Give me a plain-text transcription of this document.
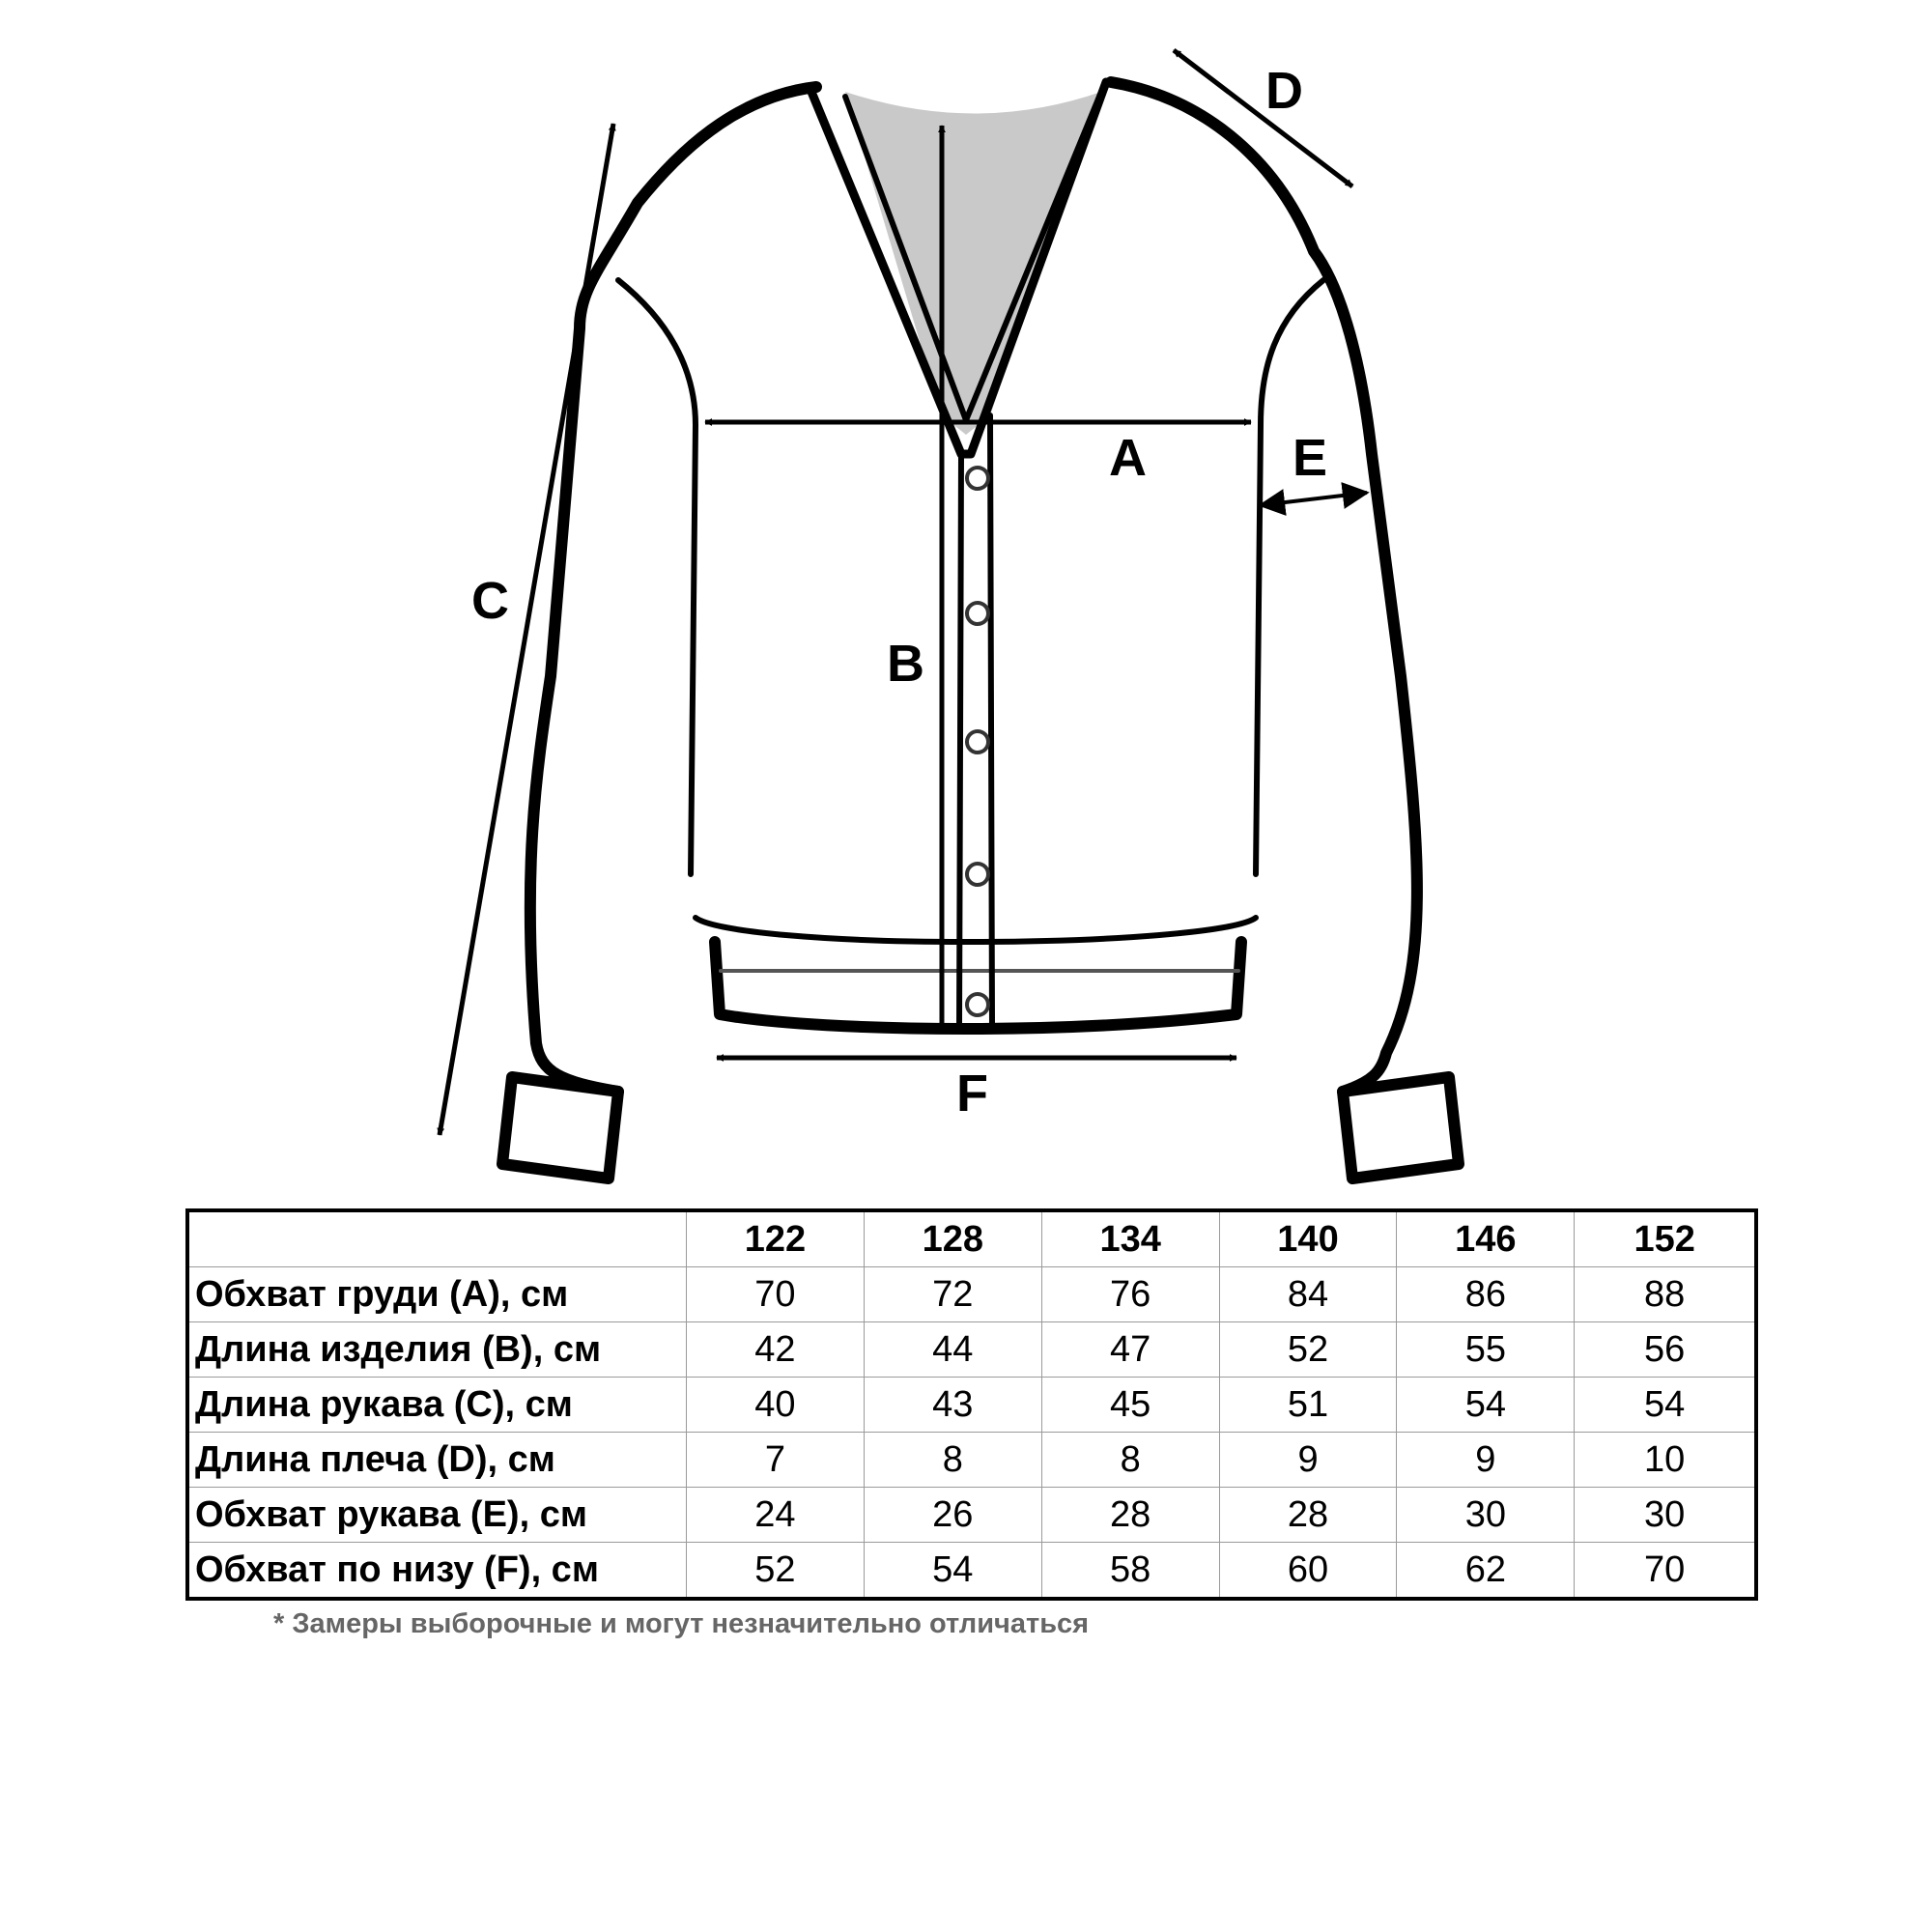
A
B
C
D
E
F
	122	128	134	140	146	152
Обхват груди (A), см	70	72	76	84	86	88
Длина изделия (B), см	42	44	47	52	55	56
Длина рукава (C), см	40	43	45	51	54	54
Длина плеча (D), см	7	8	8	9	9	10
Обхват рукава (E), см	24	26	28	28	30	30
Обхват по низу (F), см	52	54	58	60	62	70
* Замеры выборочные и могут незначительно отличаться
